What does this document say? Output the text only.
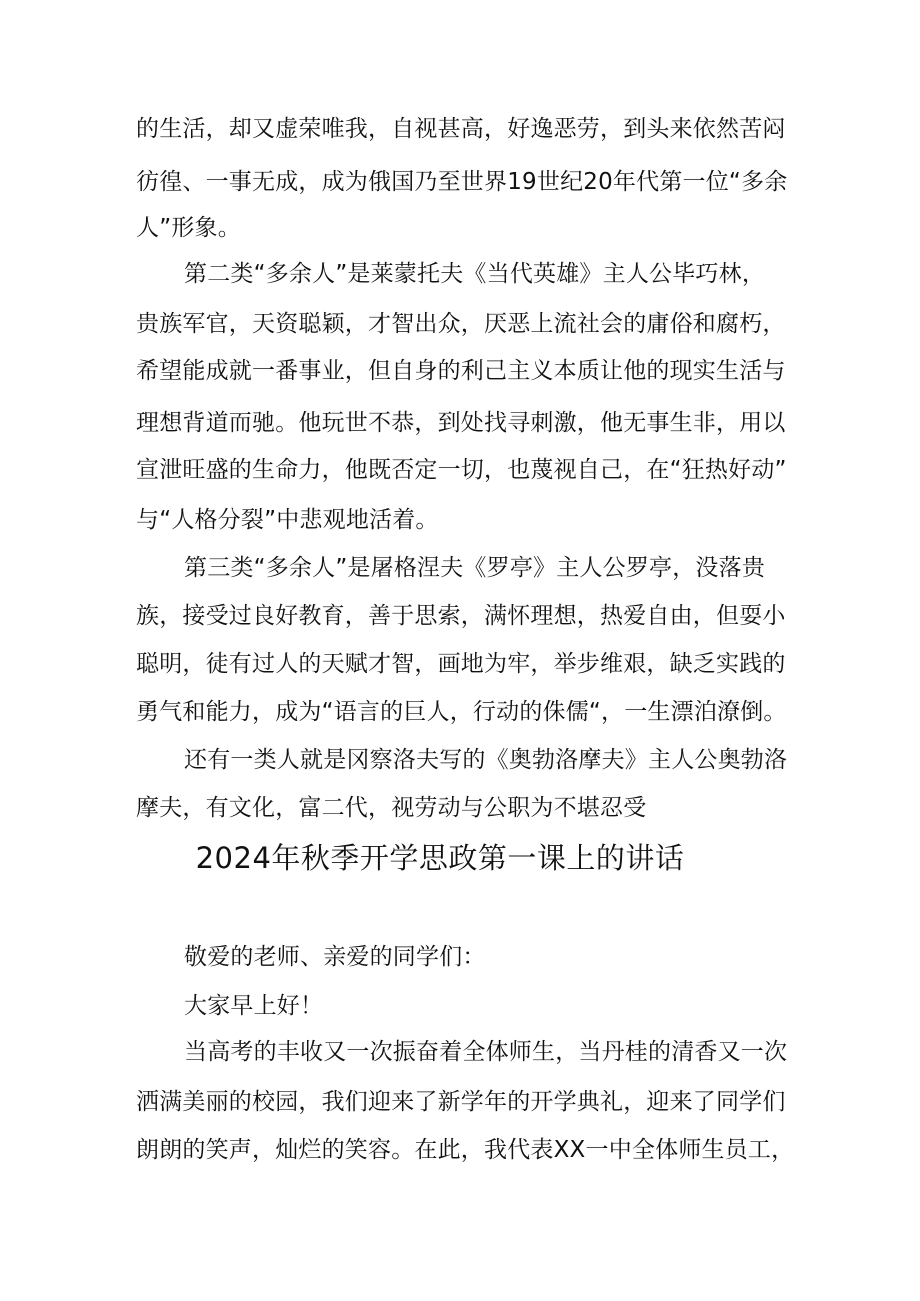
的生活，却又虚荣唯我，自视甚高，好逸恶劳，到头来依然苦闷
彷徨、一事无成，成为俄国乃至世界19世纪20年代第一位“多余
人”形象。
第二类“多余人”是莱蒙托夫《当代英雄》主人公毕巧林，
贵族军官，天资聪颖，才智出众，厌恶上流社会的庸俗和腐朽，
希望能成就一番事业，但自身的利己主义本质让他的现实生活与
理想背道而驰。他玩世不恭，到处找寻刺激，他无事生非，用以
宣泄旺盛的生命力，他既否定一切，也蔑视自己，在“狂热好动”
与“人格分裂”中悲观地活着。
第三类“多余人”是屠格涅夫《罗亭》主人公罗亭，没落贵
族，接受过良好教育，善于思索，满怀理想，热爱自由，但耍小
聪明，徒有过人的天赋才智，画地为牢，举步维艰，缺乏实践的
勇气和能力，成为“语言的巨人，行动的侏儒“，一生漂泊潦倒。
还有一类人就是冈察洛夫写的《奥勃洛摩夫》主人公奥勃洛
摩夫，有文化，富二代，视劳动与公职为不堪忍受
2024年秋季开学思政第一课上的讲话
敬爱的老师、亲爱的同学们：
大家早上好！
当高考的丰收又一次振奋着全体师生，当丹桂的清香又一次
洒满美丽的校园，我们迎来了新学年的开学典礼，迎来了同学们
朗朗的笑声，灿烂的笑容。在此，我代表XX一中全体师生员工，
